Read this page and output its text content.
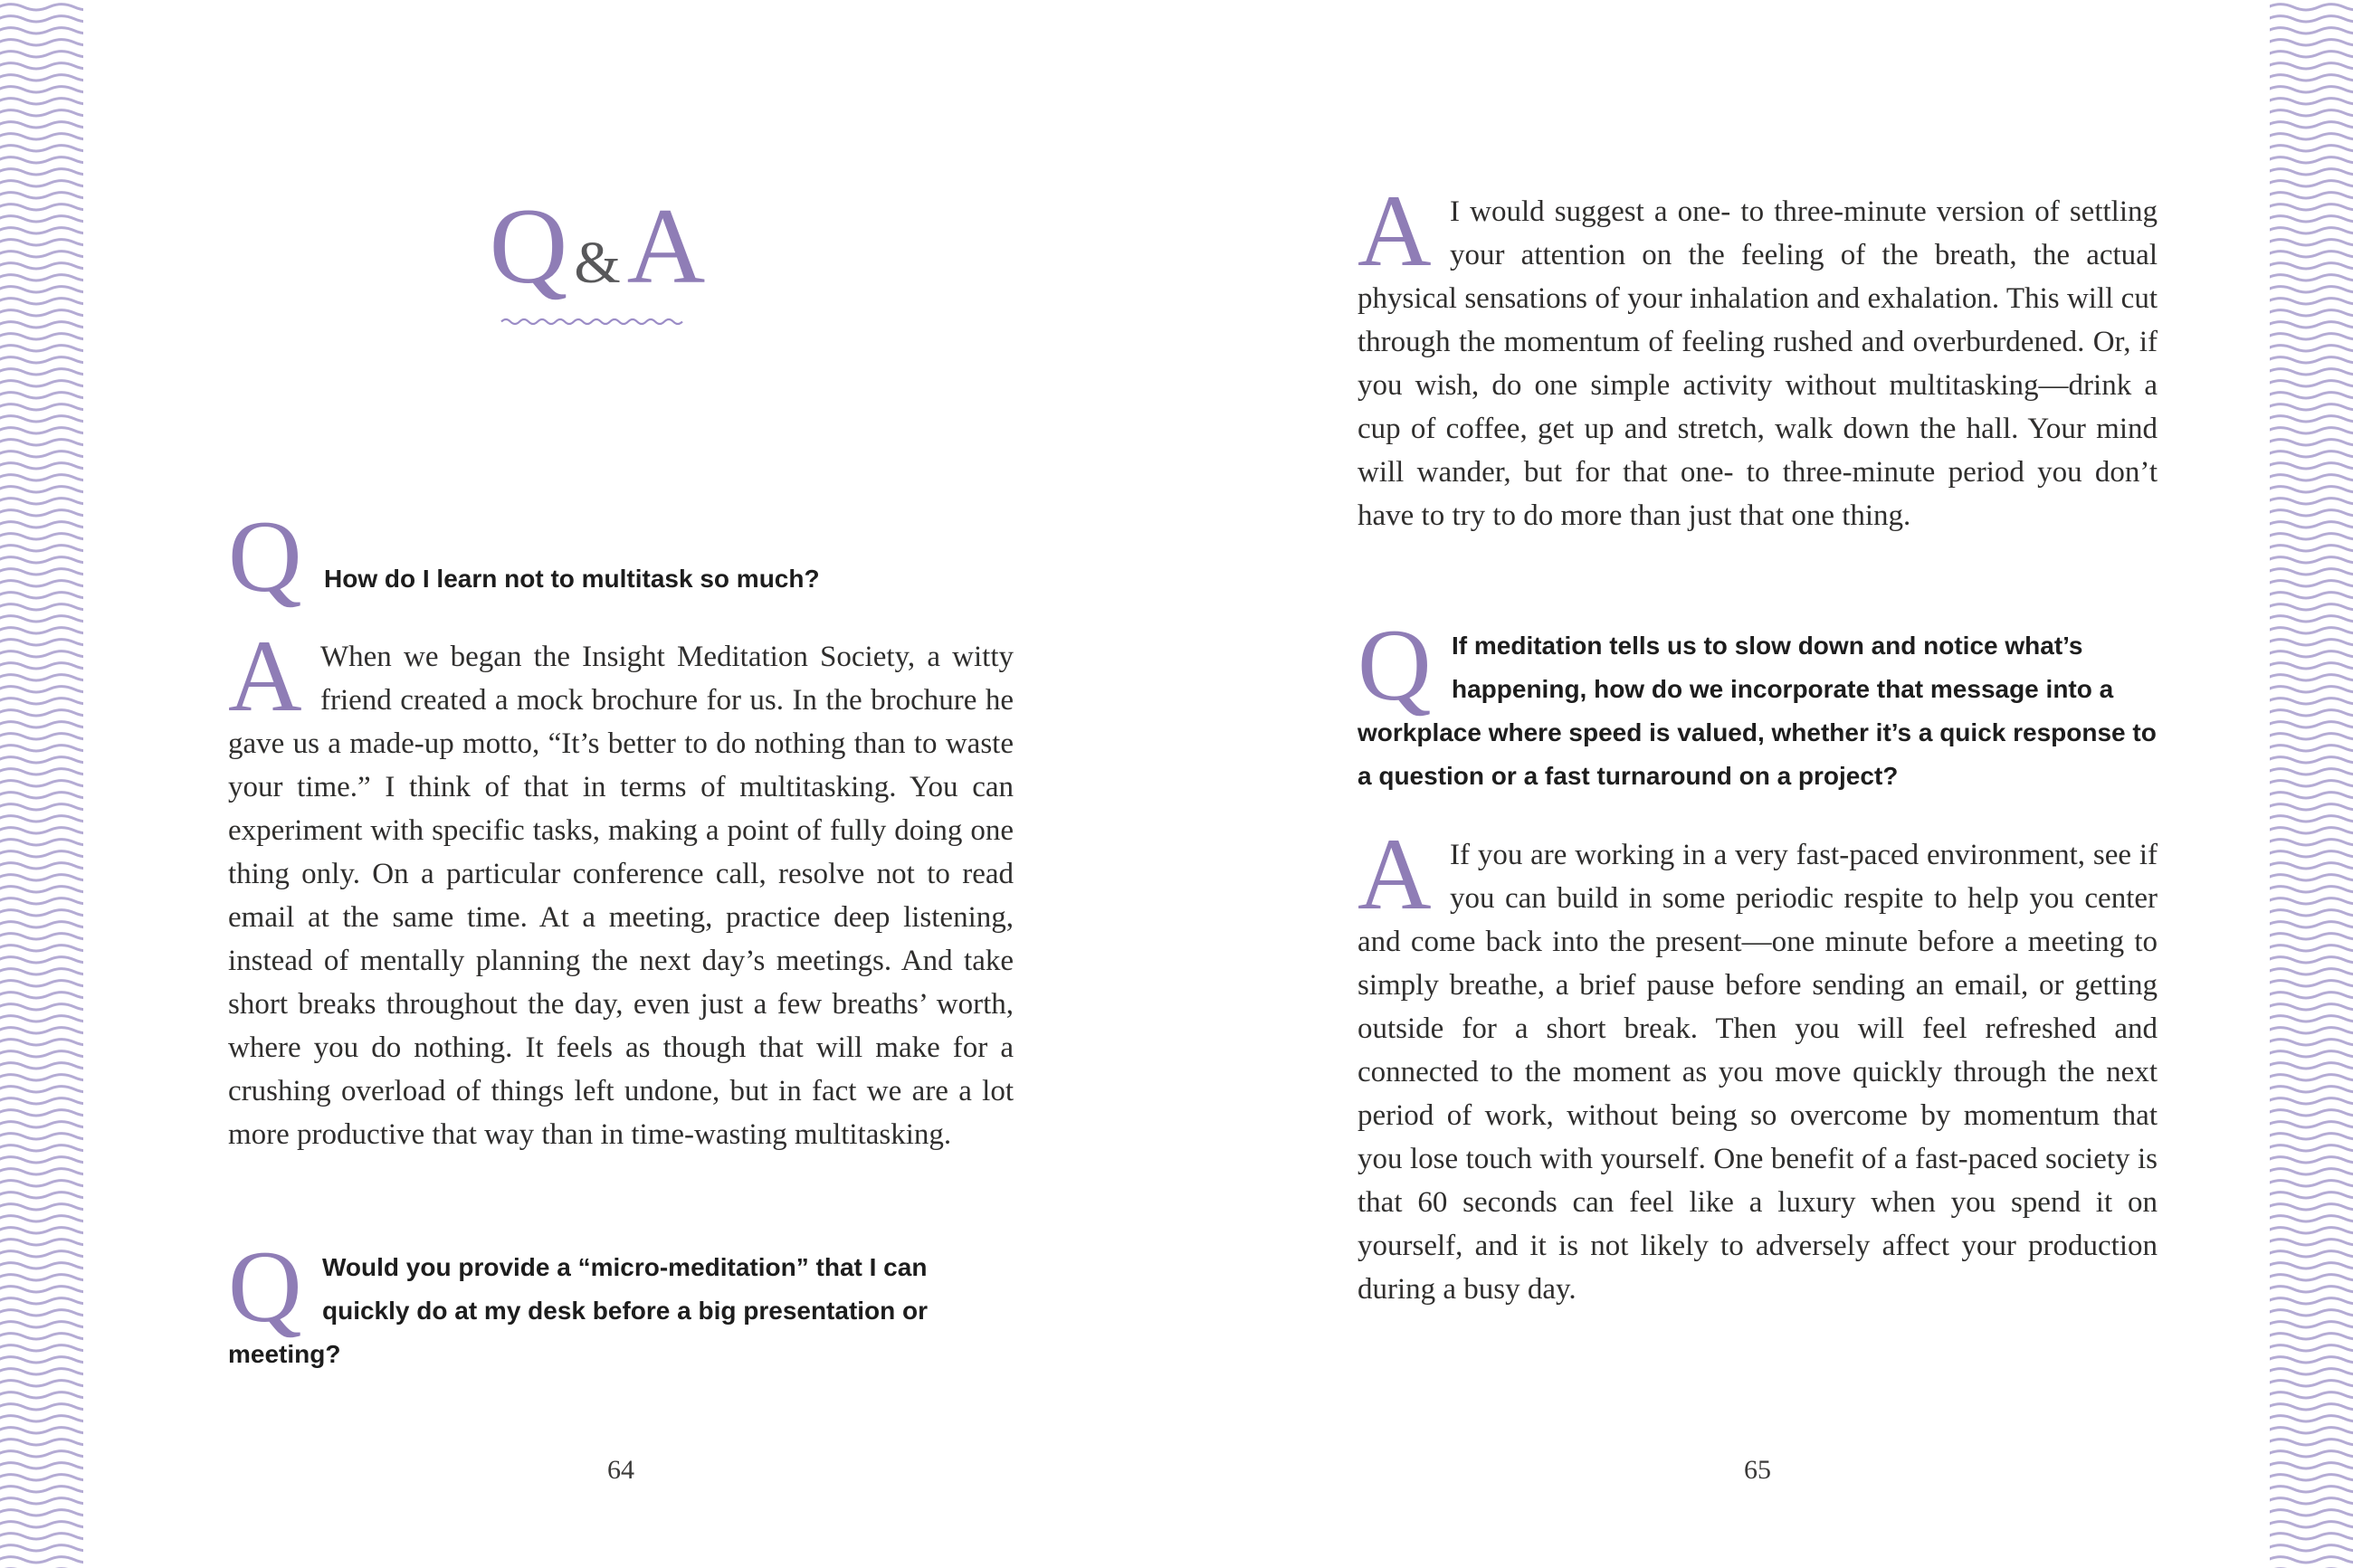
Q &A
Q How do I learn not to multitask so much?

A When we began the Insight Meditation Society, a witty friend created a mock brochure for us. In the brochure he gave us a made-up motto, “It’s better to do nothing than to waste your time.” I think of that in terms of multitasking. You can experiment with specific tasks, making a point of fully doing one thing only. On a particular conference call, resolve not to read email at the same time. At a meeting, practice deep listening, instead of mentally planning the next day’s meetings. And take short breaks throughout the day, even just a few breaths’ worth, where you do nothing. It feels as though that will make for a crushing overload of things left undone, but in fact we are a lot more productive that way than in time-wasting multitasking.

Q Would you provide a “micro-meditation” that I can quickly do at my desk before a big presentation or meeting?

64

A I would suggest a one- to three-minute version of settling your attention on the feeling of the breath, the actual physical sensations of your inhalation and exhalation. This will cut through the momentum of feeling rushed and overburdened. Or, if you wish, do one simple activity without multitasking—drink a cup of coffee, get up and stretch, walk down the hall. Your mind will wander, but for that one- to three-minute period you don’t have to try to do more than just that one thing.

Q If meditation tells us to slow down and notice what’s happening, how do we incorporate that message into a workplace where speed is valued, whether it’s a quick response to a question or a fast turnaround on a project?

A If you are working in a very fast-paced environment, see if you can build in some periodic respite to help you center and come back into the present—one minute before a meeting to simply breathe, a brief pause before sending an email, or getting outside for a short break. Then you will feel refreshed and connected to the moment as you move quickly through the next period of work, without being so overcome by momentum that you lose touch with yourself. One benefit of a fast-paced society is that 60 seconds can feel like a luxury when you spend it on yourself, and it is not likely to adversely affect your production during a busy day.

65
